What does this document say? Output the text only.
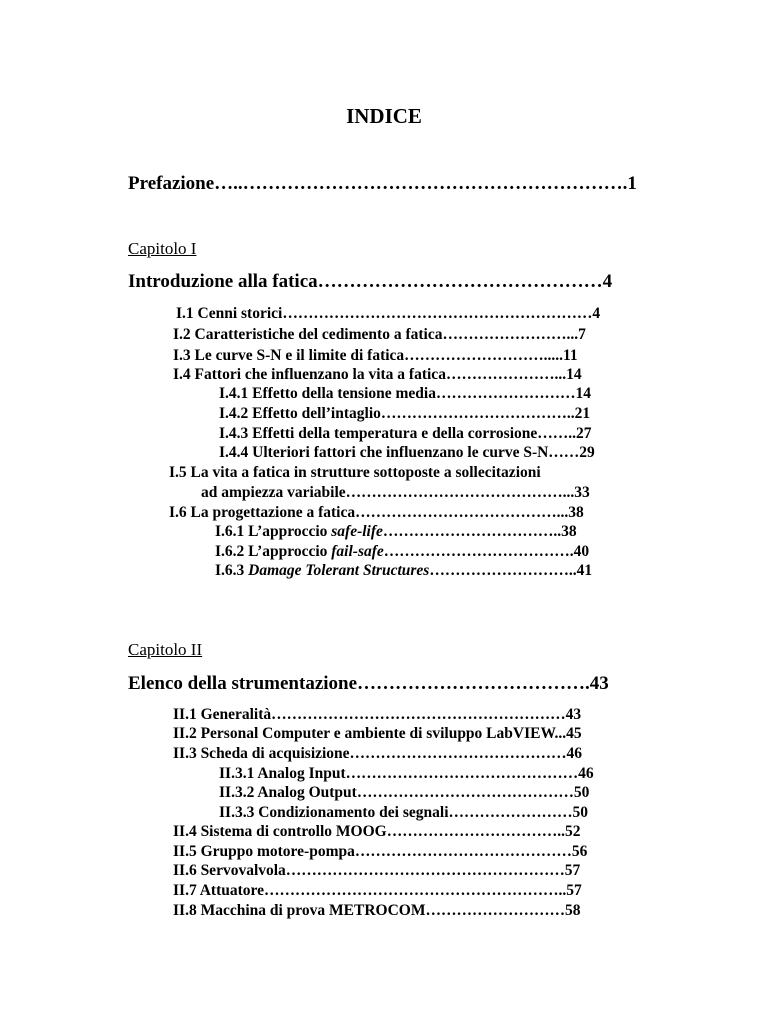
INDICE
Prefazione…..…………………………………………………….1
Capitolo I
Introduzione alla fatica………………………………………4
I.1 Cenni storici……………………………………………………4
I.2 Caratteristiche del cedimento a fatica……………………...7
I.3 Le curve S-N e il limite di fatica……………………….....11
I.4 Fattori che influenzano la vita a fatica…………………...14
I.4.1 Effetto della tensione media………………………14
I.4.2 Effetto dell’intaglio………………………………..21
I.4.3 Effetti della temperatura e della corrosione……..27
I.4.4 Ulteriori fattori che influenzano le curve S-N……29
I.5 La vita a fatica in strutture sottoposte a sollecitazioni
ad ampiezza variabile……………………………………...33
I.6 La progettazione a fatica…………………………………...38
I.6.1 L’approccio safe-life……………………………..38
I.6.2 L’approccio fail-safe……………………………….40
I.6.3 Damage Tolerant Structures………………………..41
Capitolo II
Elenco della strumentazione……………………………….43
II.1 Generalità…………………………………………………43
II.2 Personal Computer e ambiente di sviluppo LabVIEW...45
II.3 Scheda di acquisizione……………………………………46
II.3.1 Analog Input………………………………………46
II.3.2 Analog Output……………………………………50
II.3.3 Condizionamento dei segnali……………………50
II.4 Sistema di controllo MOOG……………………………..52
II.5 Gruppo motore-pompa……………………………………56
II.6 Servovalvola………………………………………………57
II.7 Attuatore…………………………………………………..57
II.8 Macchina di prova METROCOM………………………58
